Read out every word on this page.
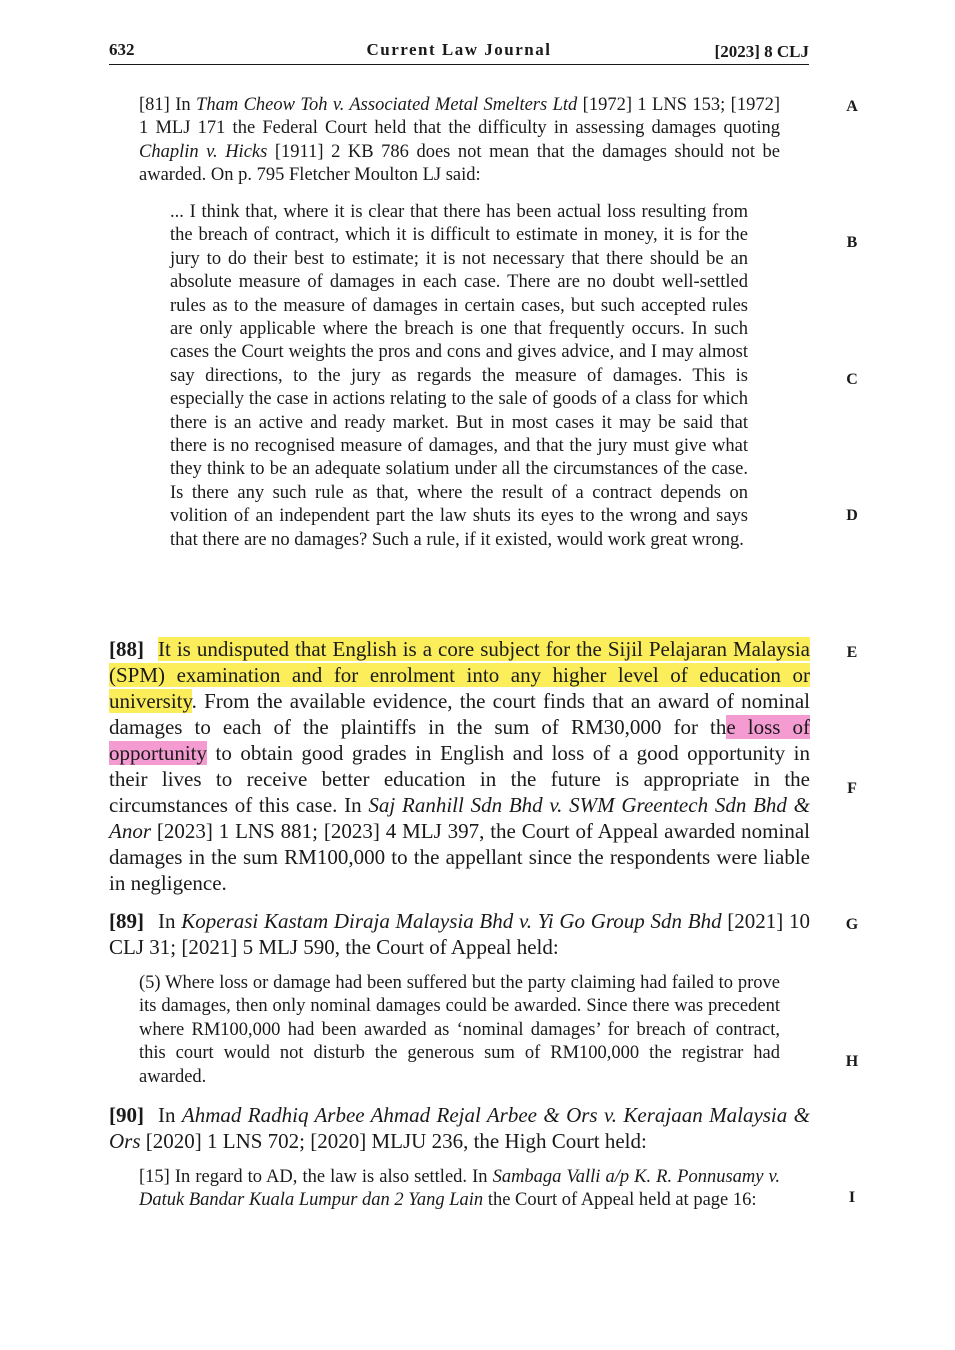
632	Current Law Journal	[2023] 8 CLJ

[81] In Tham Cheow Toh v. Associated Metal Smelters Ltd [1972] 1 LNS 153; [1972] 1 MLJ 171 the Federal Court held that the difficulty in assessing damages quoting Chaplin v. Hicks [1911] 2 KB 786 does not mean that the damages should not be awarded. On p. 795 Fletcher Moulton LJ said:

... I think that, where it is clear that there has been actual loss resulting from the breach of contract, which it is difficult to estimate in money, it is for the jury to do their best to estimate; it is not necessary that there should be an absolute measure of damages in each case. There are no doubt well-settled rules as to the measure of damages in certain cases, but such accepted rules are only applicable where the breach is one that frequently occurs. In such cases the Court weights the pros and cons and gives advice, and I may almost say directions, to the jury as regards the measure of damages. This is especially the case in actions relating to the sale of goods of a class for which there is an active and ready market. But in most cases it may be said that there is no recognised measure of damages, and that the jury must give what they think to be an adequate solatium under all the circumstances of the case. Is there any such rule as that, where the result of a contract depends on volition of an independent part the law shuts its eyes to the wrong and says that there are no damages? Such a rule, if it existed, would work great wrong.

[88] It is undisputed that English is a core subject for the Sijil Pelajaran Malaysia (SPM) examination and for enrolment into any higher level of education or university. From the available evidence, the court finds that an award of nominal damages to each of the plaintiffs in the sum of RM30,000 for the loss of opportunity to obtain good grades in English and loss of a good opportunity in their lives to receive better education in the future is appropriate in the circumstances of this case. In Saj Ranhill Sdn Bhd v. SWM Greentech Sdn Bhd & Anor [2023] 1 LNS 881; [2023] 4 MLJ 397, the Court of Appeal awarded nominal damages in the sum RM100,000 to the appellant since the respondents were liable in negligence.

[89] In Koperasi Kastam Diraja Malaysia Bhd v. Yi Go Group Sdn Bhd [2021] 10 CLJ 31; [2021] 5 MLJ 590, the Court of Appeal held:

(5) Where loss or damage had been suffered but the party claiming had failed to prove its damages, then only nominal damages could be awarded. Since there was precedent where RM100,000 had been awarded as ‘nominal damages’ for breach of contract, this court would not disturb the generous sum of RM100,000 the registrar had awarded.

[90] In Ahmad Radhiq Arbee Ahmad Rejal Arbee & Ors v. Kerajaan Malaysia & Ors [2020] 1 LNS 702; [2020] MLJU 236, the High Court held:

[15] In regard to AD, the law is also settled. In Sambaga Valli a/p K. R. Ponnusamy v. Datuk Bandar Kuala Lumpur dan 2 Yang Lain the Court of Appeal held at page 16:

A
B
C
D
E
F
G
H
I
